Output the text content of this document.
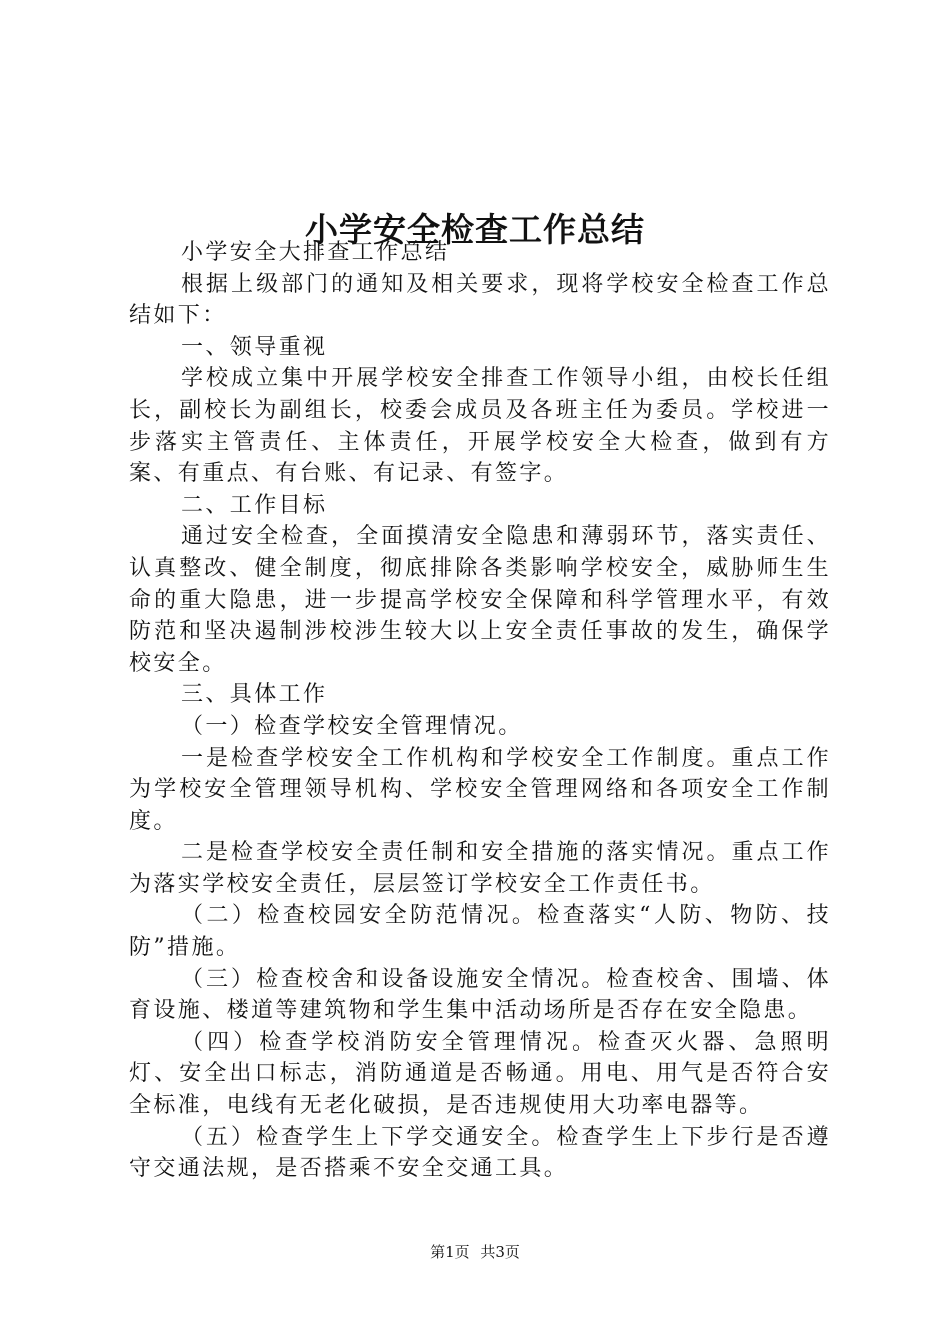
小学安全检查工作总结

小学安全大排查工作总结

根据上级部门的通知及相关要求，现将学校安全检查工作总结如下：

一、领导重视

学校成立集中开展学校安全排查工作领导小组，由校长任组长，副校长为副组长，校委会成员及各班主任为委员。学校进一步落实主管责任、主体责任，开展学校安全大检查，做到有方案、有重点、有台账、有记录、有签字。

二、工作目标

通过安全检查，全面摸清安全隐患和薄弱环节，落实责任、认真整改、健全制度，彻底排除各类影响学校安全，威胁师生生命的重大隐患，进一步提高学校安全保障和科学管理水平，有效防范和坚决遏制涉校涉生较大以上安全责任事故的发生，确保学校安全。

三、具体工作

（一）检查学校安全管理情况。

一是检查学校安全工作机构和学校安全工作制度。重点工作为学校安全管理领导机构、学校安全管理网络和各项安全工作制度。

二是检查学校安全责任制和安全措施的落实情况。重点工作为落实学校安全责任，层层签订学校安全工作责任书。

（二）检查校园安全防范情况。检查落实“人防、物防、技防”措施。

（三）检查校舍和设备设施安全情况。检查校舍、围墙、体育设施、楼道等建筑物和学生集中活动场所是否存在安全隐患。

（四）检查学校消防安全管理情况。检查灭火器、急照明灯、安全出口标志，消防通道是否畅通。用电、用气是否符合安全标准，电线有无老化破损，是否违规使用大功率电器等。

（五）检查学生上下学交通安全。检查学生上下步行是否遵守交通法规，是否搭乘不安全交通工具。

第1页 共3页
